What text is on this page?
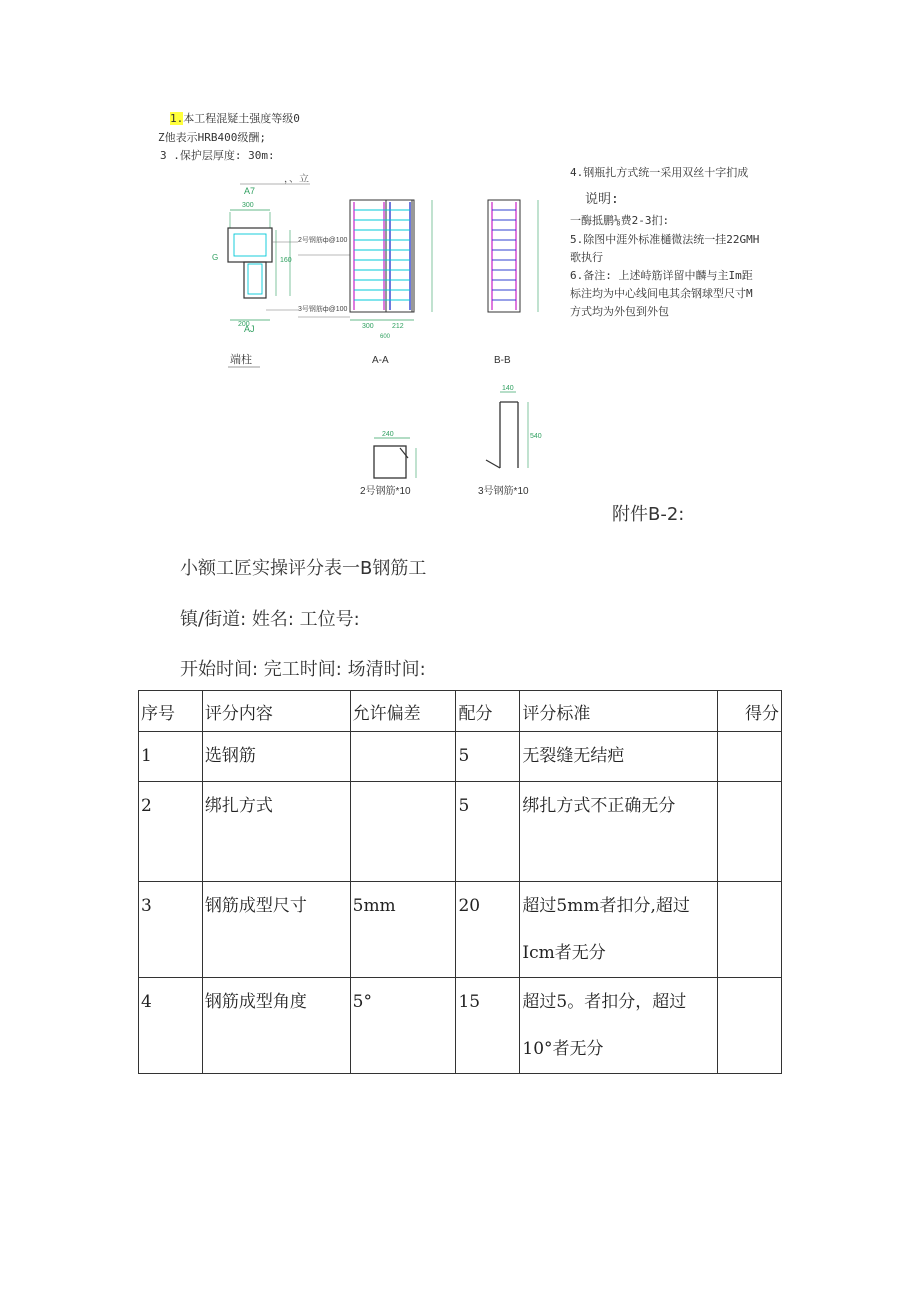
1.本工程混疑土强度等级0
Z他表示HRB400级酬;
3 .保护层厚度: 30m:
4.钢瓶扎方式统一采用双丝十字扪成
说明:
一酶抵鹏⅛费2-3扪:
5.除图中涯外标准樋微法统一挂22GMH
歌执行
6.备注: 上述峙筋详留中麟与主Im距
标注均为中心线间电其余钢球型尺寸M
方式均为外包到外包
，、立
A7
AJ
300
G	160
2号钢筋ф@100
3号钢筋ф@100
200	300	212
600
端柱	A-A	B-B
240
2号钢筋*10
140
540
3号钢筋*10
附件B-2:
小额工匠实操评分表一B钢筋工
镇/街道: 姓名: 工位号:
开始时间: 完工时间: 场清时间:
序号	评分内容	允许偏差	配分	评分标准	得分
1	选钢筋		5	无裂缝无结疤	
2	绑扎方式		5	绑扎方式不正确无分	
3	钢筋成型尺寸	5mm	20	超过5mm者扣分,超过Icm者无分	
4	钢筋成型角度	5°	15	超过5。者扣分，超过10°者无分	
